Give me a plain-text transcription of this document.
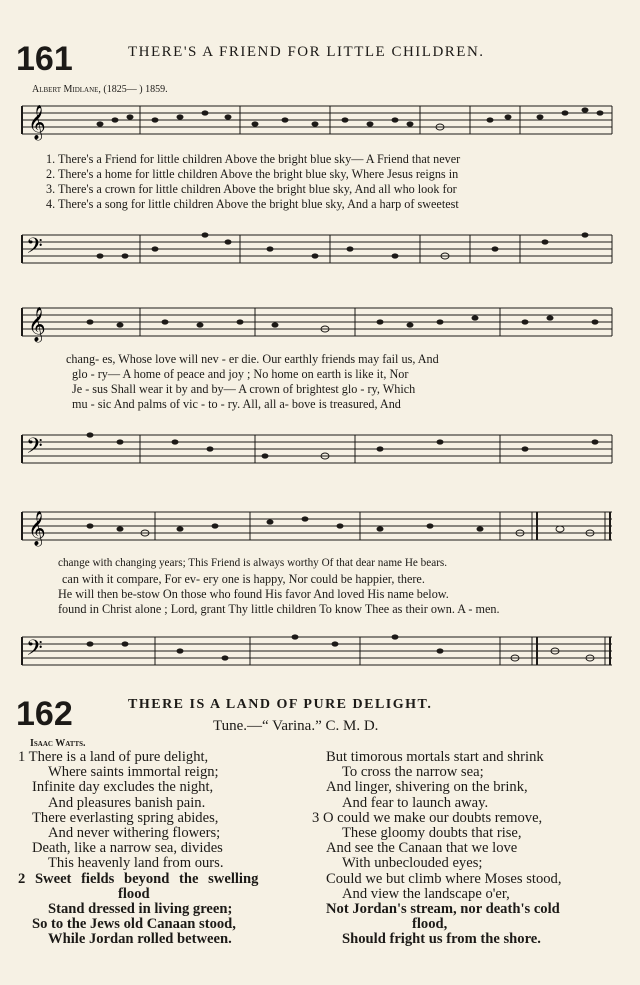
161	THERE'S A FRIEND FOR LITTLE CHILDREN.
Albert Midlane, (1825— ) 1859.
𝄞
1. There's a Friend for little children Above the bright blue sky— A Friend that never
2. There's a home for little children Above the bright blue sky, Where Jesus reigns in
3. There's a crown for little children Above the bright blue sky, And all who look for
4. There's a song for little children Above the bright blue sky, And a harp of sweetest
𝄢
𝄞
chang- es, Whose love will nev - er die. Our earthly friends may fail us, And
glo - ry— A home of peace and joy ; No home on earth is like it, Nor
Je - sus Shall wear it by and by— A crown of brightest glo - ry, Which
mu - sic And palms of vic - to - ry. All, all a- bove is treasured, And
𝄢
𝄞
change with changing years; This Friend is always worthy Of that dear name He bears.
can with it compare, For ev- ery one is happy, Nor could be happier, there.
He will then be-stow On those who found His favor And loved His name below.
found in Christ alone ; Lord, grant Thy little children To know Thee as their own. A - men.
𝄢
162	THERE IS A LAND OF PURE DELIGHT.
Tune.—“ Varina.” C. M. D.
Isaac Watts.
1 There is a land of pure delight,
Where saints immortal reign;
Infinite day excludes the night,
And pleasures banish pain.
There everlasting spring abides,
And never withering flowers;
Death, like a narrow sea, divides
This heavenly land from ours.
2 Sweet fields beyond the swelling
flood
Stand dressed in living green;
So to the Jews old Canaan stood,
While Jordan rolled between.
But timorous mortals start and shrink
To cross the narrow sea;
And linger, shivering on the brink,
And fear to launch away.
3 O could we make our doubts remove,
These gloomy doubts that rise,
And see the Canaan that we love
With unbeclouded eyes;
Could we but climb where Moses stood,
And view the landscape o'er,
Not Jordan's stream, nor death's cold
flood,
Should fright us from the shore.
